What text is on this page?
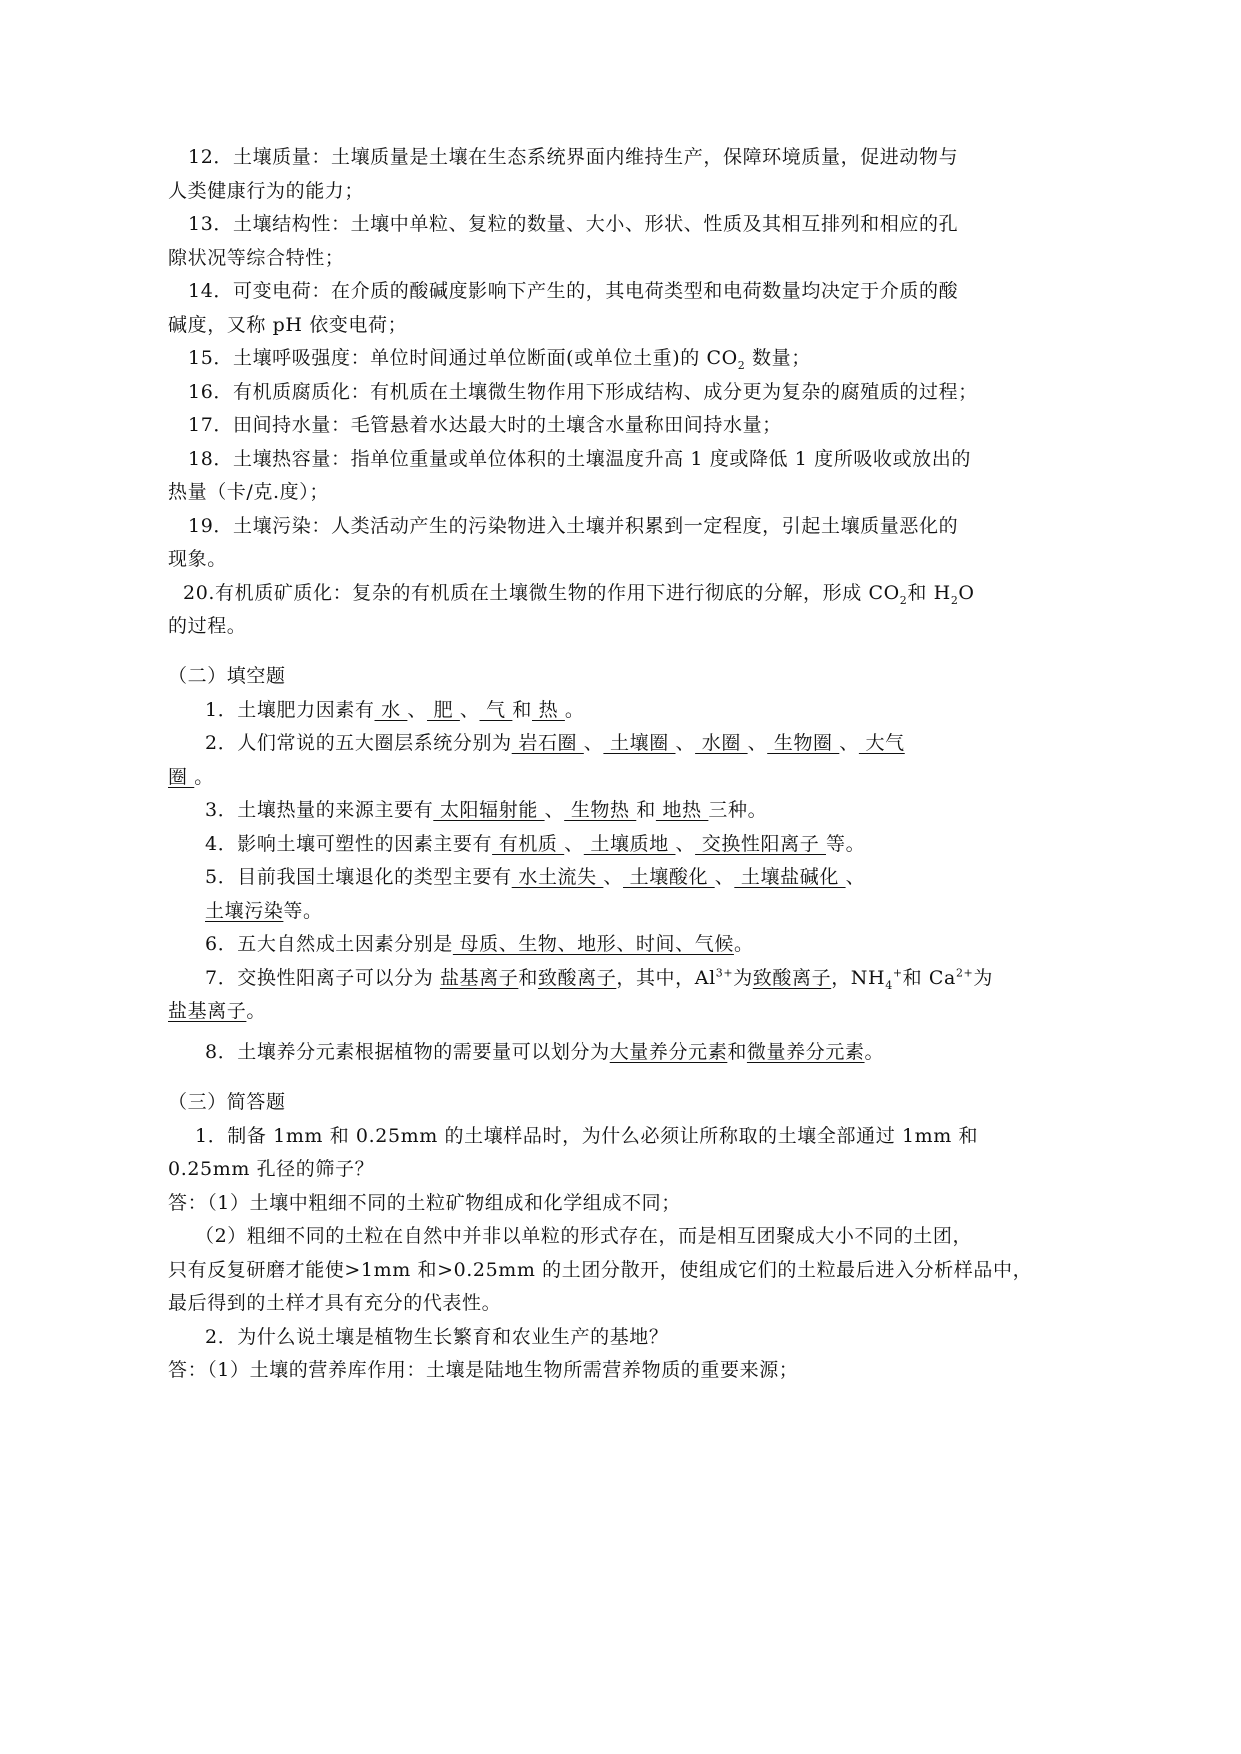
12．土壤质量：土壤质量是土壤在生态系统界面内维持生产，保障环境质量，促进动物与
人类健康行为的能力；
13．土壤结构性：土壤中单粒、复粒的数量、大小、形状、性质及其相互排列和相应的孔
隙状况等综合特性；
14．可变电荷：在介质的酸碱度影响下产生的，其电荷类型和电荷数量均决定于介质的酸
碱度，又称 pH 依变电荷；
15．土壤呼吸强度：单位时间通过单位断面(或单位土重)的 $CO_2$ 数量；
16．有机质腐质化：有机质在土壤微生物作用下形成结构、成分更为复杂的腐殖质的过程；
17．田间持水量：毛管悬着水达最大时的土壤含水量称田间持水量；
18．土壤热容量：指单位重量或单位体积的土壤温度升高 1 度或降低 1 度所吸收或放出的
热量（卡/克.度）；
19．土壤污染：人类活动产生的污染物进入土壤并积累到一定程度，引起土壤质量恶化的
现象。
20.有机质矿质化：复杂的有机质在土壤微生物的作用下进行彻底的分解，形成 $CO_2$和 $H_2O$
的过程。
（二）填空题
1．土壤肥力因素有 水 、 肥 、 气 和 热 。
2．人们常说的五大圈层系统分别为 岩石圈 、 土壤圈 、 水圈 、 生物圈 、 大气
圈 。
3．土壤热量的来源主要有 太阳辐射能 、 生物热 和 地热 三种。
4．影响土壤可塑性的因素主要有 有机质 、 土壤质地 、 交换性阳离子 等。
5．目前我国土壤退化的类型主要有 水土流失 、 土壤酸化 、 土壤盐碱化 、
土壤污染等。
6．五大自然成土因素分别是 母质、生物、地形、时间、气候。
7．交换性阳离子可以分为 盐基离子和致酸离子，其中，$Al^{3+}$为致酸离子，$NH_4^+$和 $Ca^{2+}$为
盐基离子。
8．土壤养分元素根据植物的需要量可以划分为大量养分元素和微量养分元素。
（三）简答题
1．制备 1mm 和 0.25mm 的土壤样品时，为什么必须让所称取的土壤全部通过 1mm 和
0.25mm 孔径的筛子？
答：（1）土壤中粗细不同的土粒矿物组成和化学组成不同；
（2）粗细不同的土粒在自然中并非以单粒的形式存在，而是相互团聚成大小不同的土团，
只有反复研磨才能使>1mm 和>0.25mm 的土团分散开，使组成它们的土粒最后进入分析样品中，
最后得到的土样才具有充分的代表性。
2．为什么说土壤是植物生长繁育和农业生产的基地？
答：（1）土壤的营养库作用：土壤是陆地生物所需营养物质的重要来源；
